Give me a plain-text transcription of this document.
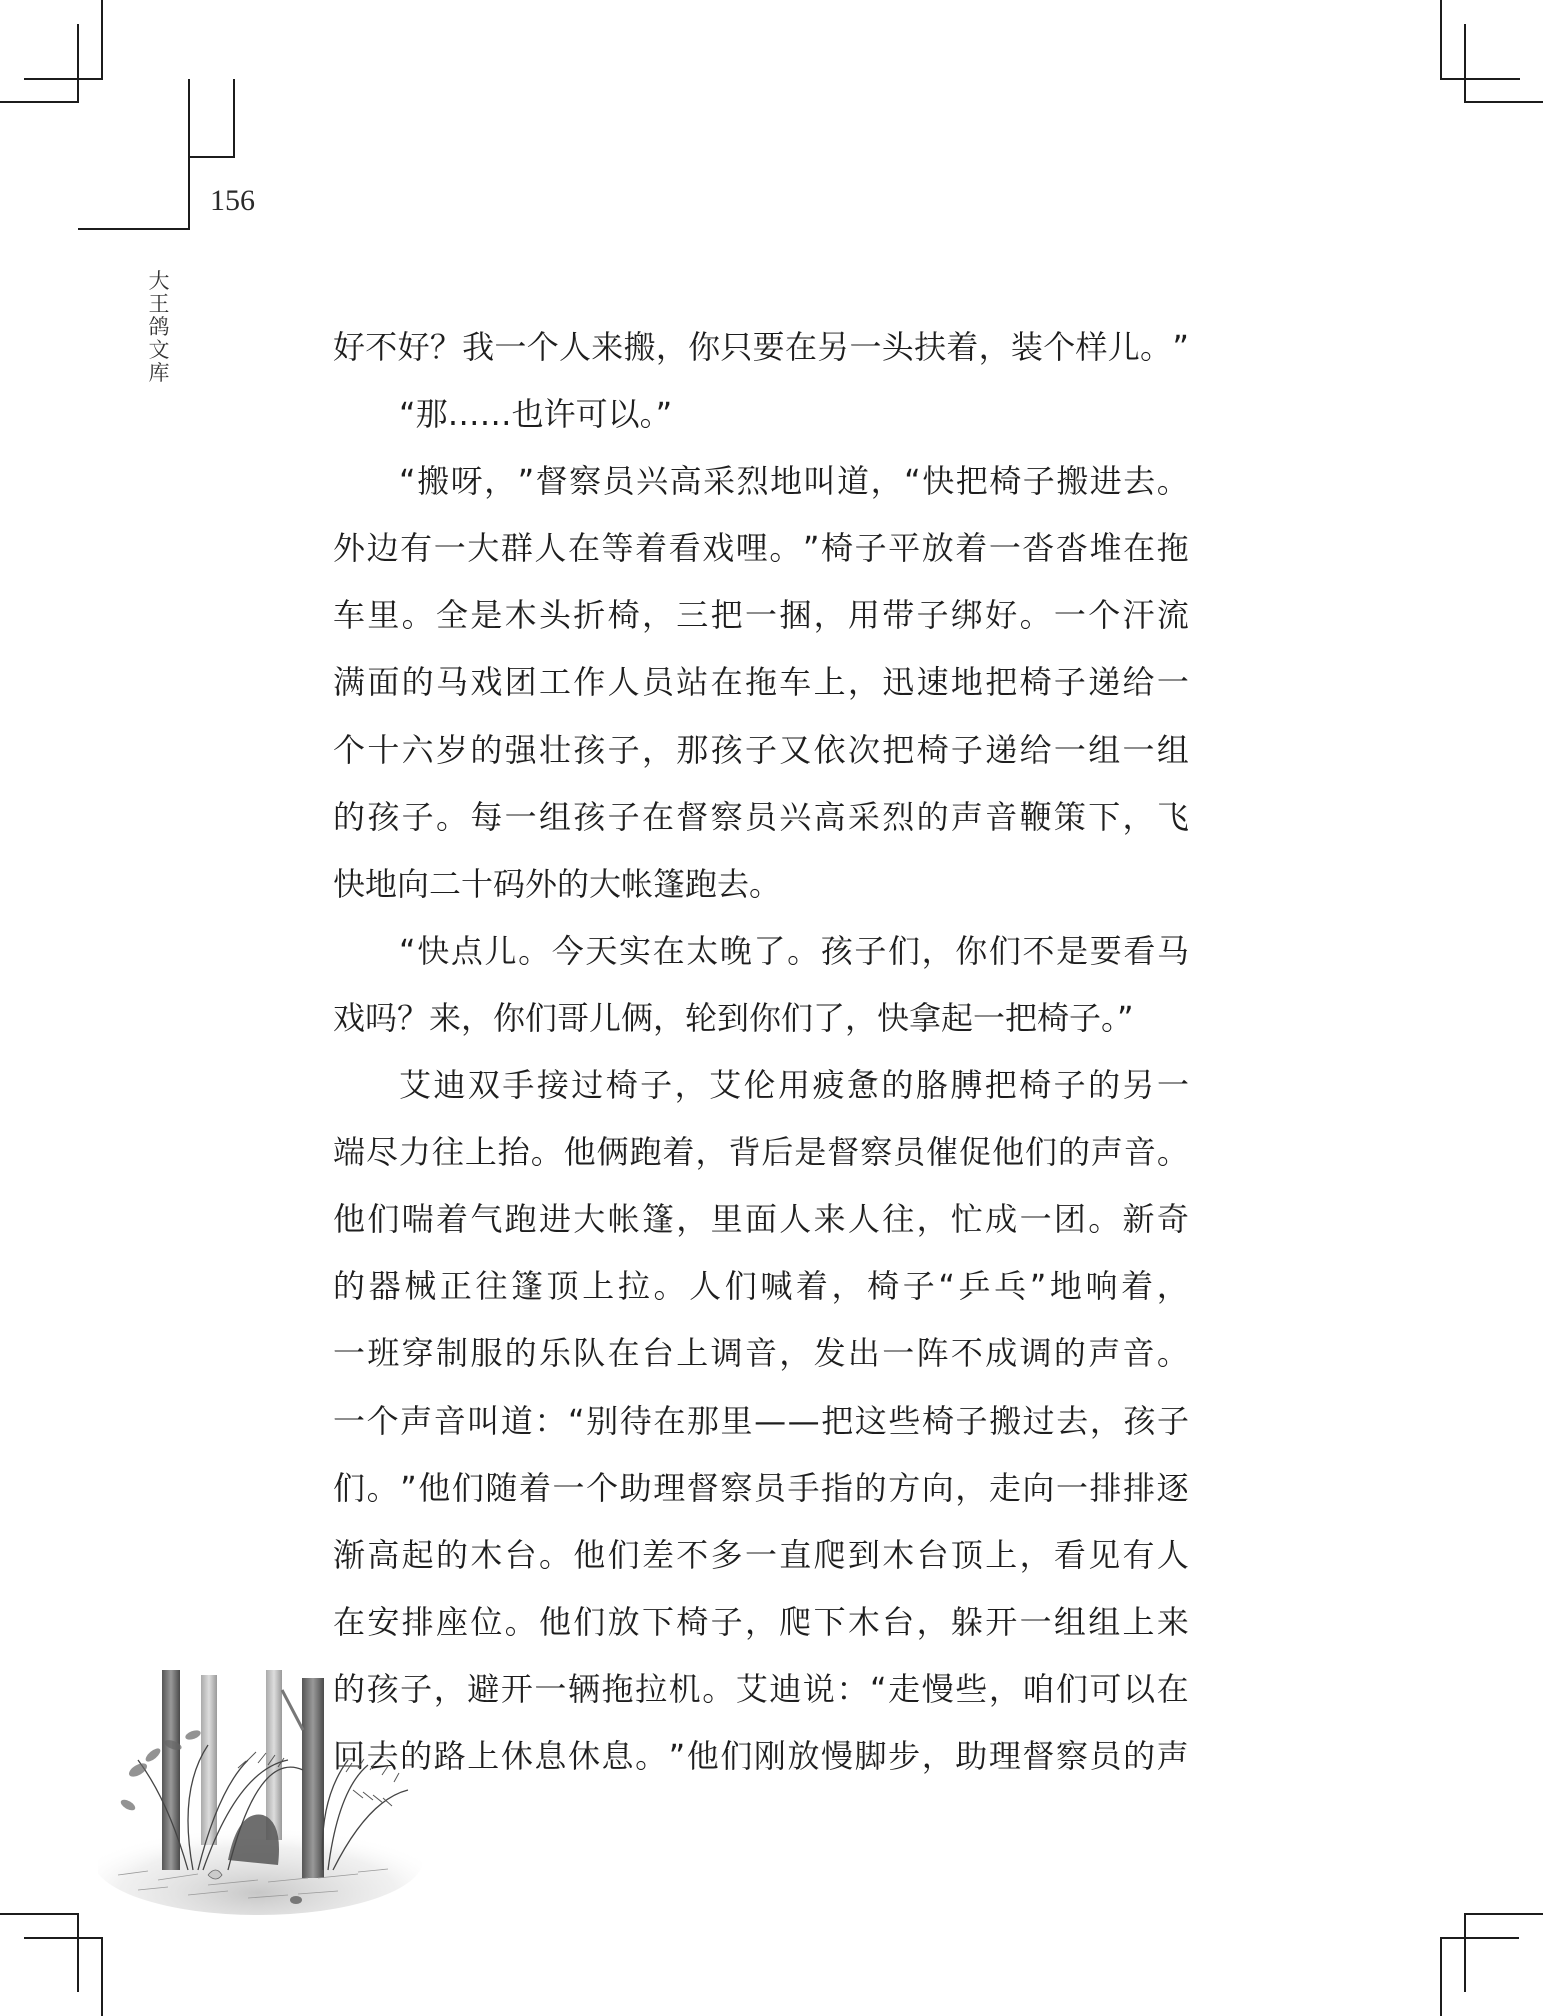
156
大
王
鸽
文
库
好 不 好 ？ 我 一 个 人 来 搬 ， 你 只 要 在 另 一 头 扶 着 ， 装 个 样 儿 。 ”
“那……也许可以。”
“ 搬 呀 ， ” 督 察 员 兴 高 采 烈 地 叫 道 ， “ 快 把 椅 子 搬 进 去 。
外 边 有 一 大 群 人 在 等 着 看 戏 哩 。 ” 椅 子 平 放 着 一 沓 沓 堆 在 拖
车 里 。 全 是 木 头 折 椅 ， 三 把 一 捆 ， 用 带 子 绑 好 。 一 个 汗 流
满 面 的 马 戏 团 工 作 人 员 站 在 拖 车 上 ， 迅 速 地 把 椅 子 递 给 一
个 十 六 岁 的 强 壮 孩 子 ， 那 孩 子 又 依 次 把 椅 子 递 给 一 组 一 组
的 孩 子 。 每 一 组 孩 子 在 督 察 员 兴 高 采 烈 的 声 音 鞭 策 下 ， 飞
快地向二十码外的大帐篷跑去。
“ 快 点 儿 。 今 天 实 在 太 晚 了 。 孩 子 们 ， 你 们 不 是 要 看 马
戏吗？来，你们哥儿俩，轮到你们了，快拿起一把椅子。”
艾 迪 双 手 接 过 椅 子 ， 艾 伦 用 疲 惫 的 胳 膊 把 椅 子 的 另 一
端 尽 力 往 上 抬 。 他 俩 跑 着 ， 背 后 是 督 察 员 催 促 他 们 的 声 音 。
他 们 喘 着 气 跑 进 大 帐 篷 ， 里 面 人 来 人 往 ， 忙 成 一 团 。 新 奇
的 器 械 正 往 篷 顶 上 拉 。 人 们 喊 着 ， 椅 子 “ 乒 乓 ” 地 响 着 ，
一 班 穿 制 服 的 乐 队 在 台 上 调 音 ， 发 出 一 阵 不 成 调 的 声 音 。
一 个 声 音 叫 道 ： “ 别 待 在 那 里 — — 把 这 些 椅 子 搬 过 去 ， 孩 子
们 。 ” 他 们 随 着 一 个 助 理 督 察 员 手 指 的 方 向 ， 走 向 一 排 排 逐
渐 高 起 的 木 台 。 他 们 差 不 多 一 直 爬 到 木 台 顶 上 ， 看 见 有 人
在 安 排 座 位 。 他 们 放 下 椅 子 ， 爬 下 木 台 ， 躲 开 一 组 组 上 来
的 孩 子 ， 避 开 一 辆 拖 拉 机 。 艾 迪 说 ： “ 走 慢 些 ， 咱 们 可 以 在
回 去 的 路 上 休 息 休 息 。 ” 他 们 刚 放 慢 脚 步 ， 助 理 督 察 员 的 声
